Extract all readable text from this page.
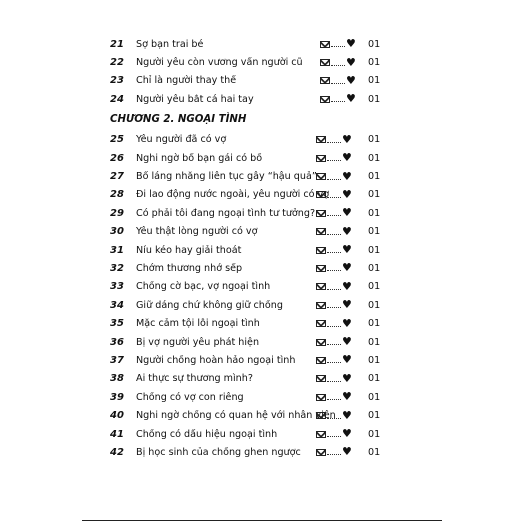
21	Sợ bạn trai bé	♥ 01
22	Người yêu còn vương vấn người cũ	♥ 01
23	Chỉ là người thay thế	♥ 01
24	Người yêu bắt cá hai tay	♥ 01
CHƯƠNG 2. NGOẠI TÌNH
25	Yêu người đã có vợ	♥ 01
26	Nghi ngờ bố bạn gái có bồ	♥ 01
27	Bố láng nhăng liên tục gây “hậu quả”	♥ 01
28	Đi lao động nước ngoài, yêu người có vợ	♥ 01
29	Có phải tôi đang ngoại tình tư tưởng?	♥ 01
30	Yêu thật lòng người có vợ	♥ 01
31	Níu kéo hay giải thoát	♥ 01
32	Chớm thương nhớ sếp	♥ 01
33	Chồng cờ bạc, vợ ngoại tình	♥ 01
34	Giữ dáng chứ không giữ chồng	♥ 01
35	Mặc cảm tội lỗi ngoại tình	♥ 01
36	Bị vợ người yêu phát hiện	♥ 01
37	Người chồng hoàn hảo ngoại tình	♥ 01
38	Ai thực sự thương mình?	♥ 01
39	Chồng có vợ con riêng	♥ 01
40	Nghi ngờ chồng có quan hệ với nhân viên ♥ 01
41	Chồng có dấu hiệu ngoại tình	♥ 01
42	Bị học sinh của chồng ghen ngược	♥ 01
